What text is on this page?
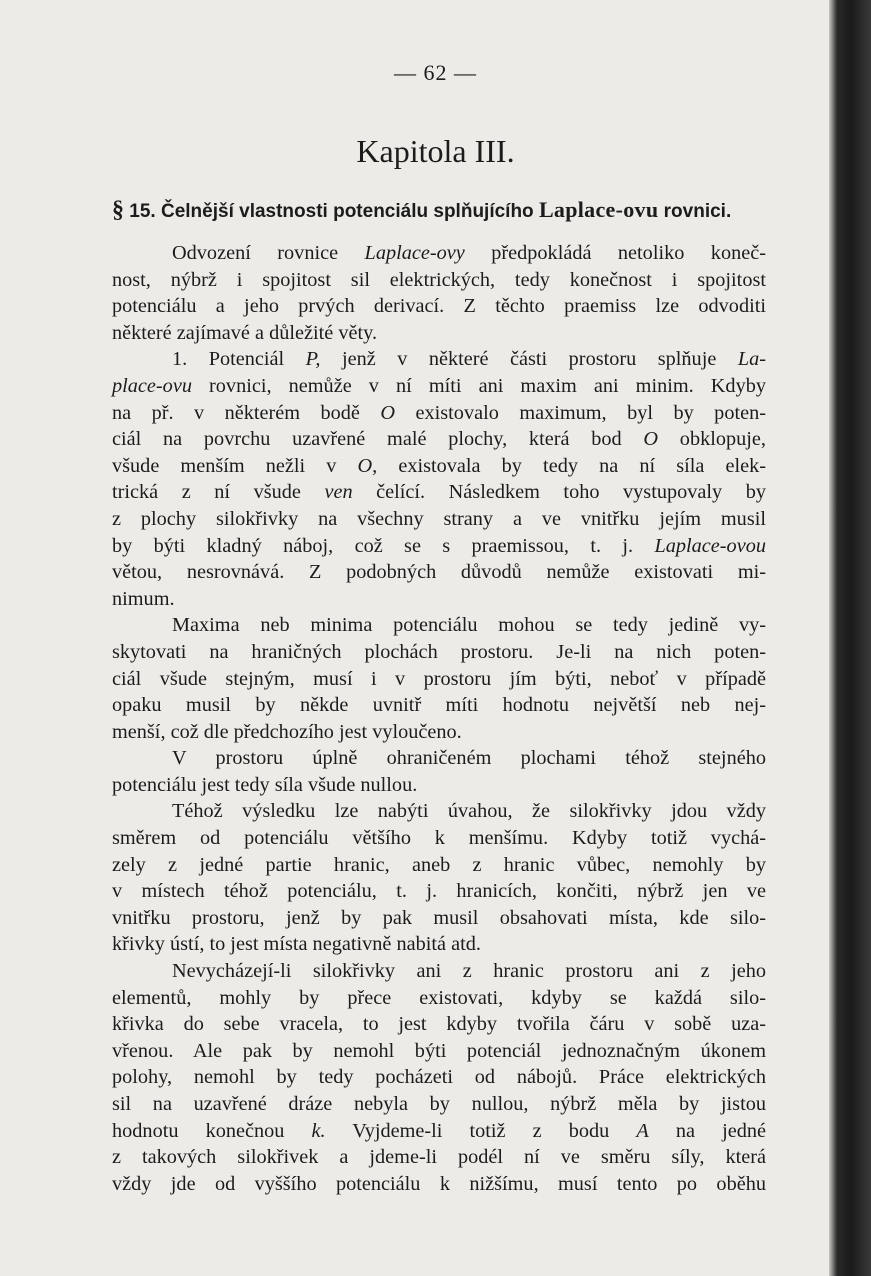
— 62 —
Kapitola III.
§ 15. Čelnější vlastnosti potenciálu splňujícího Laplace-ovu rovnici.
Odvození rovnice Laplace-ovy předpokládá netoliko koneč-
nost, nýbrž i spojitost sil elektrických, tedy konečnost i spojitost
potenciálu a jeho prvých derivací. Z těchto praemiss lze odvoditi
některé zajímavé a důležité věty.
1. Potenciál P, jenž v některé části prostoru splňuje La-
place-ovu rovnici, nemůže v ní míti ani maxim ani minim. Kdyby
na př. v některém bodě O existovalo maximum, byl by poten-
ciál na povrchu uzavřené malé plochy, která bod O obklopuje,
všude menším nežli v O, existovala by tedy na ní síla elek-
trická z ní všude ven čelící. Následkem toho vystupovaly by
z plochy silokřivky na všechny strany a ve vnitřku jejím musil
by býti kladný náboj, což se s praemissou, t. j. Laplace-ovou
větou, nesrovnává. Z podobných důvodů nemůže existovati mi-
nimum.
Maxima neb minima potenciálu mohou se tedy jedině vy-
skytovati na hraničných plochách prostoru. Je-li na nich poten-
ciál všude stejným, musí i v prostoru jím býti, neboť v případě
opaku musil by někde uvnitř míti hodnotu největší neb nej-
menší, což dle předchozího jest vyloučeno.
V prostoru úplně ohraničeném plochami téhož stejného
potenciálu jest tedy síla všude nullou.
Téhož výsledku lze nabýti úvahou, že silokřivky jdou vždy
směrem od potenciálu většího k menšímu. Kdyby totiž vychá-
zely z jedné partie hranic, aneb z hranic vůbec, nemohly by
v místech téhož potenciálu, t. j. hranicích, končiti, nýbrž jen ve
vnitřku prostoru, jenž by pak musil obsahovati místa, kde silo-
křivky ústí, to jest místa negativně nabitá atd.
Nevycházejí-li silokřivky ani z hranic prostoru ani z jeho
elementů, mohly by přece existovati, kdyby se každá silo-
křivka do sebe vracela, to jest kdyby tvořila čáru v sobě uza-
vřenou. Ale pak by nemohl býti potenciál jednoznačným úkonem
polohy, nemohl by tedy pocházeti od nábojů. Práce elektrických
sil na uzavřené dráze nebyla by nullou, nýbrž měla by jistou
hodnotu konečnou k. Vyjdeme-li totiž z bodu A na jedné
z takových silokřivek a jdeme-li podél ní ve směru síly, která
vždy jde od vyššího potenciálu k nižšímu, musí tento po oběhu
